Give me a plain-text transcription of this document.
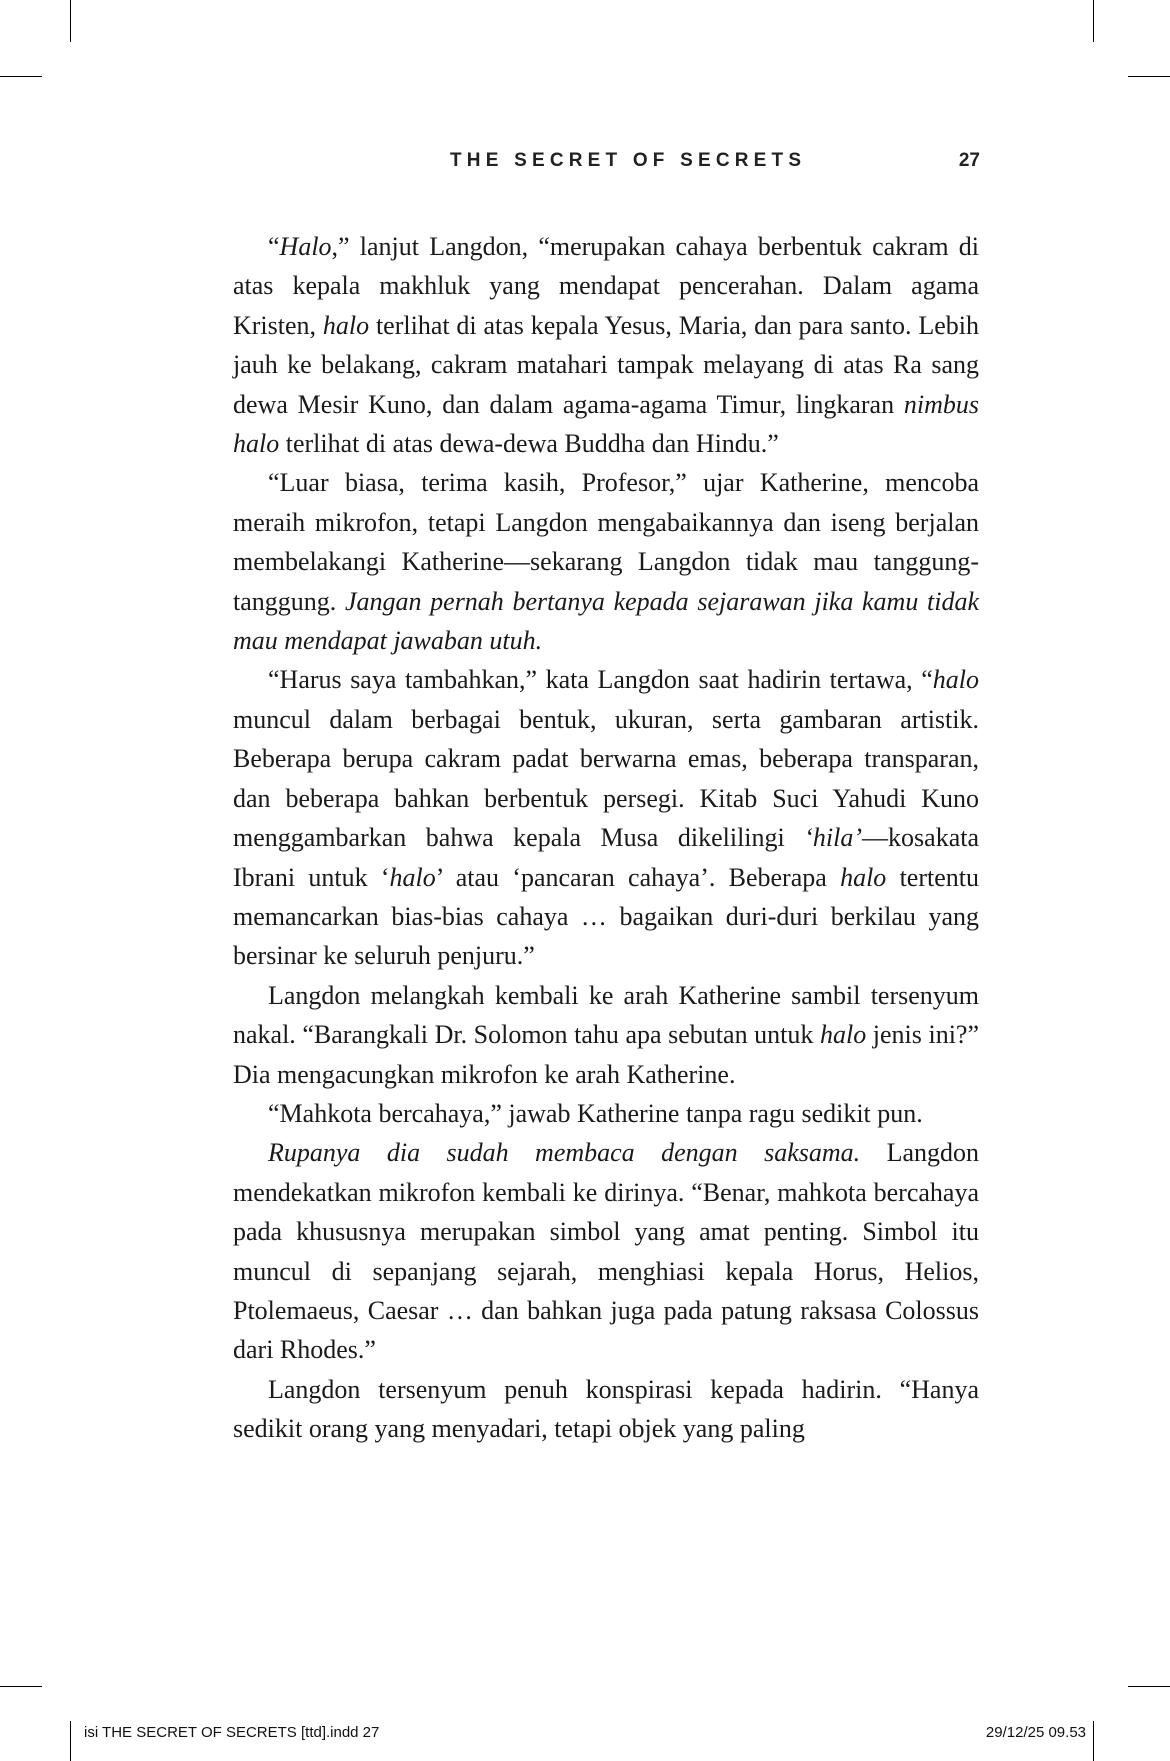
THE SECRET OF SECRETS	27

“Halo,” lanjut Langdon, “merupakan cahaya berbentuk cakram di atas kepala makhluk yang mendapat pencerahan. Dalam agama Kristen, halo terlihat di atas kepala Yesus, Maria, dan para santo. Lebih jauh ke belakang, cakram matahari tampak melayang di atas Ra sang dewa Mesir Kuno, dan dalam agama-agama Timur, lingkaran nimbus halo terlihat di atas dewa-dewa Buddha dan Hindu.”

“Luar biasa, terima kasih, Profesor,” ujar Katherine, mencoba meraih mikrofon, tetapi Langdon mengabaikannya dan iseng berjalan membelakangi Katherine—sekarang Langdon tidak mau tanggung-tanggung. Jangan pernah bertanya kepada sejarawan jika kamu tidak mau mendapat jawaban utuh.

“Harus saya tambahkan,” kata Langdon saat hadirin tertawa, “halo muncul dalam berbagai bentuk, ukuran, serta gambaran artistik. Beberapa berupa cakram padat berwarna emas, beberapa transparan, dan beberapa bahkan berbentuk persegi. Kitab Suci Yahudi Kuno menggambarkan bahwa kepala Musa dikelilingi ‘hila’—kosakata Ibrani untuk ‘halo’ atau ‘pancaran cahaya’. Beberapa halo tertentu memancarkan bias-bias cahaya … bagaikan duri-duri berkilau yang bersinar ke seluruh penjuru.”

Langdon melangkah kembali ke arah Katherine sambil tersenyum nakal. “Barangkali Dr. Solomon tahu apa sebutan untuk halo jenis ini?” Dia mengacungkan mikrofon ke arah Katherine.

“Mahkota bercahaya,” jawab Katherine tanpa ragu sedikit pun.

Rupanya dia sudah membaca dengan saksama. Langdon mendekatkan mikrofon kembali ke dirinya. “Benar, mahkota bercahaya pada khususnya merupakan simbol yang amat penting. Simbol itu muncul di sepanjang sejarah, menghiasi kepala Horus, Helios, Ptolemaeus, Caesar … dan bahkan juga pada patung raksasa Colossus dari Rhodes.”

Langdon tersenyum penuh konspirasi kepada hadirin. “Hanya sedikit orang yang menyadari, tetapi objek yang paling

isi THE SECRET OF SECRETS [ttd].indd 27	29/12/25 09.53
